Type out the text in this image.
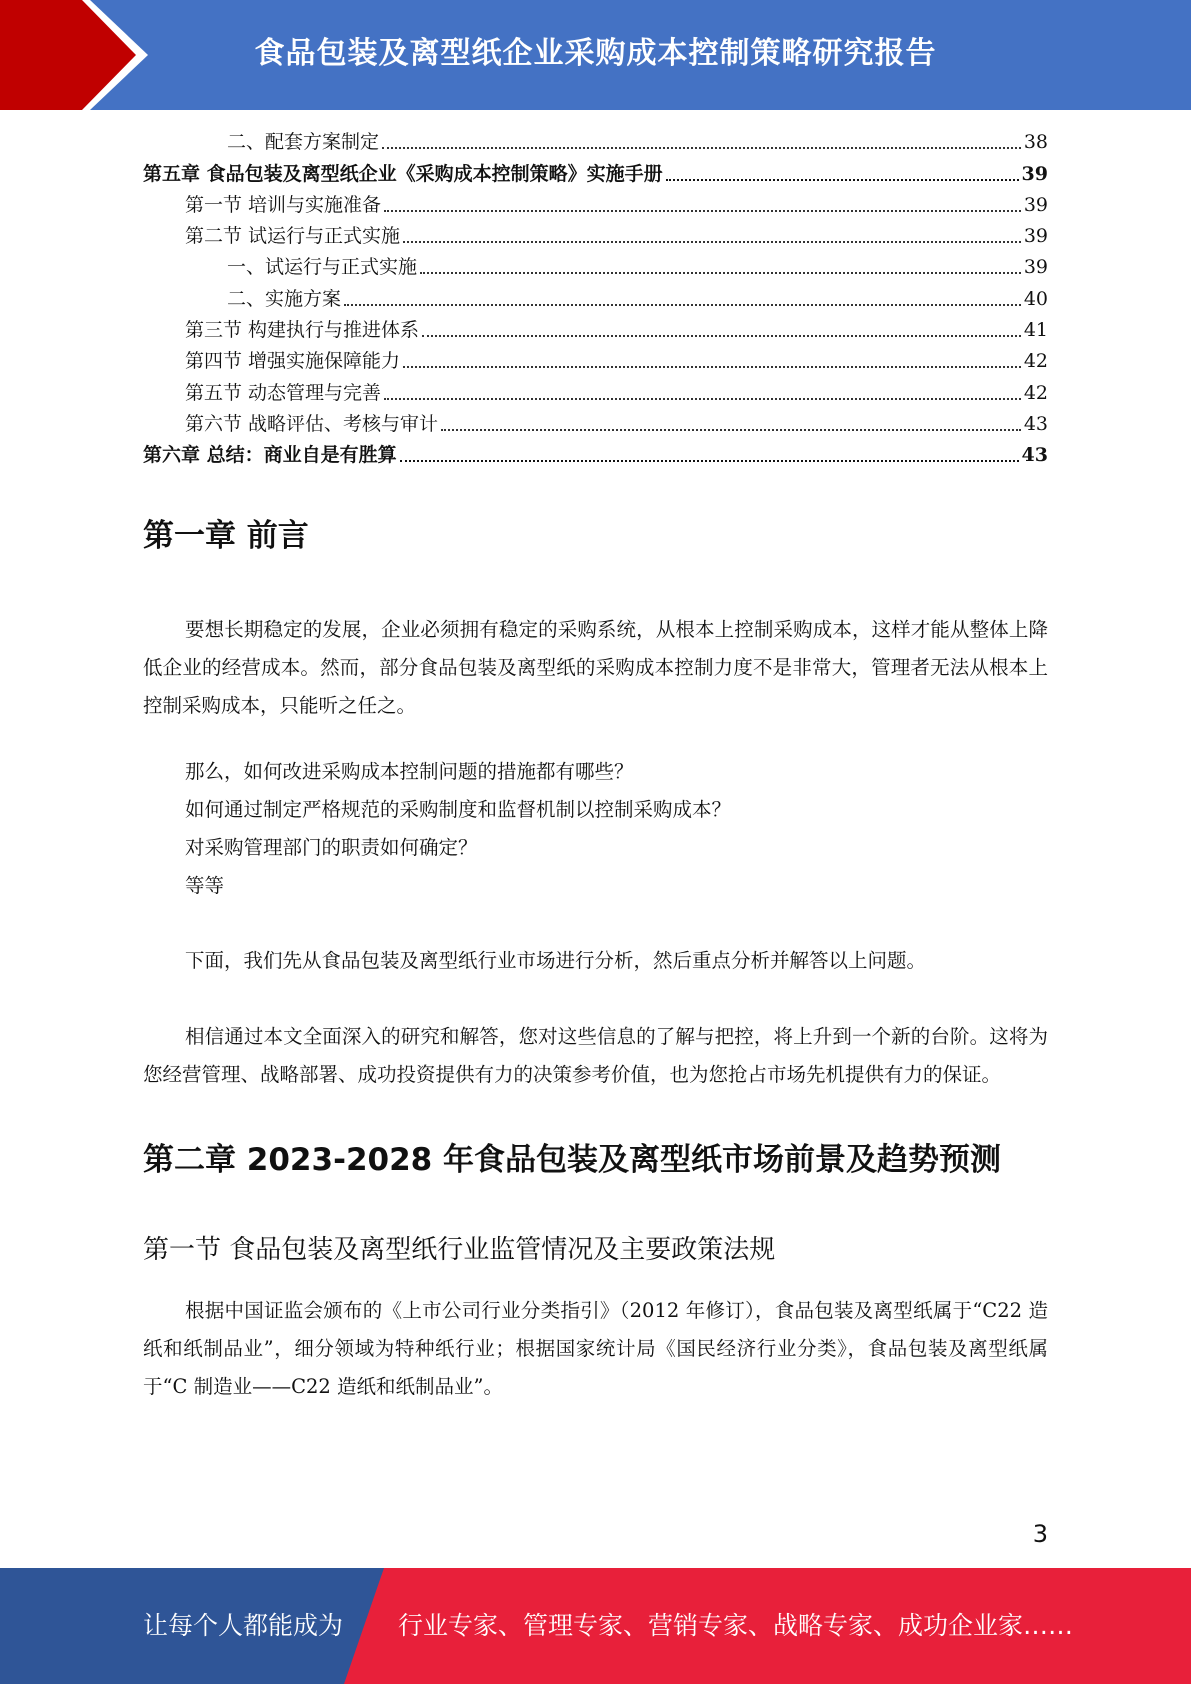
食品包装及离型纸企业采购成本控制策略研究报告
二、配套方案制定	38
第五章 食品包装及离型纸企业《采购成本控制策略》实施手册	39
第一节 培训与实施准备	39
第二节 试运行与正式实施	39
一、试运行与正式实施	39
二、实施方案	40
第三节 构建执行与推进体系	41
第四节 增强实施保障能力	42
第五节 动态管理与完善	42
第六节 战略评估、考核与审计	43
第六章 总结：商业自是有胜算	43
第一章 前言

要想长期稳定的发展，企业必须拥有稳定的采购系统，从根本上控制采购成本，这样才能从整体上降低企业的经营成本。然而，部分食品包装及离型纸的采购成本控制力度不是非常大，管理者无法从根本上控制采购成本，只能听之任之。

那么，如何改进采购成本控制问题的措施都有哪些？
如何通过制定严格规范的采购制度和监督机制以控制采购成本？
对采购管理部门的职责如何确定？
等等

下面，我们先从食品包装及离型纸行业市场进行分析，然后重点分析并解答以上问题。

相信通过本文全面深入的研究和解答，您对这些信息的了解与把控，将上升到一个新的台阶。这将为您经营管理、战略部署、成功投资提供有力的决策参考价值，也为您抢占市场先机提供有力的保证。

第二章 2023-2028 年食品包装及离型纸市场前景及趋势预测
第一节 食品包装及离型纸行业监管情况及主要政策法规

根据中国证监会颁布的《上市公司行业分类指引》（2012 年修订），食品包装及离型纸属于“C22 造纸和纸制品业”，细分领域为特种纸行业；根据国家统计局《国民经济行业分类》，食品包装及离型纸属于“C 制造业——C22 造纸和纸制品业”。

3
让每个人都能成为 行业专家、管理专家、营销专家、战略专家、成功企业家……
